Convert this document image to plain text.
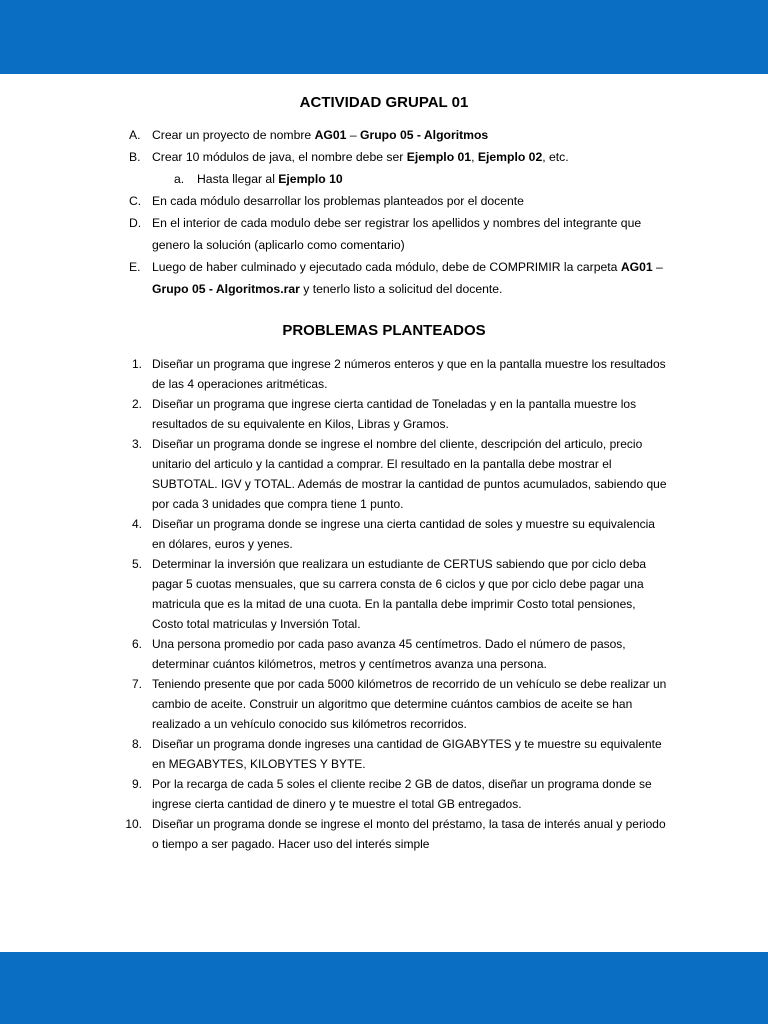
ACTIVIDAD GRUPAL 01
A. Crear un proyecto de nombre AG01 – Grupo 05 - Algoritmos
B. Crear 10 módulos de java, el nombre debe ser Ejemplo 01, Ejemplo 02, etc.
a. Hasta llegar al Ejemplo 10
C. En cada módulo desarrollar los problemas planteados por el docente
D. En el interior de cada modulo debe ser registrar los apellidos y nombres del integrante que genero la solución (aplicarlo como comentario)
E. Luego de haber culminado y ejecutado cada módulo, debe de COMPRIMIR la carpeta AG01 – Grupo 05 - Algoritmos.rar y tenerlo listo a solicitud del docente.
PROBLEMAS PLANTEADOS
1. Diseñar un programa que ingrese 2 números enteros y que en la pantalla muestre los resultados de las 4 operaciones aritméticas.
2. Diseñar un programa que ingrese cierta cantidad de Toneladas y en la pantalla muestre los resultados de su equivalente en Kilos, Libras y Gramos.
3. Diseñar un programa donde se ingrese el nombre del cliente, descripción del articulo, precio unitario del articulo y la cantidad a comprar. El resultado en la pantalla debe mostrar el SUBTOTAL. IGV y TOTAL. Además de mostrar la cantidad de puntos acumulados, sabiendo que por cada 3 unidades que compra tiene 1 punto.
4. Diseñar un programa donde se ingrese una cierta cantidad de soles y muestre su equivalencia en dólares, euros y yenes.
5. Determinar la inversión que realizara un estudiante de CERTUS sabiendo que por ciclo deba pagar 5 cuotas mensuales, que su carrera consta de 6 ciclos y que por ciclo debe pagar una matricula que es la mitad de una cuota. En la pantalla debe imprimir Costo total pensiones, Costo total matriculas y Inversión Total.
6. Una persona promedio por cada paso avanza 45 centímetros. Dado el número de pasos, determinar cuántos kilómetros, metros y centímetros avanza una persona.
7. Teniendo presente que por cada 5000 kilómetros de recorrido de un vehículo se debe realizar un cambio de aceite. Construir un algoritmo que determine cuántos cambios de aceite se han realizado a un vehículo conocido sus kilómetros recorridos.
8. Diseñar un programa donde ingreses una cantidad de GIGABYTES y te muestre su equivalente en MEGABYTES, KILOBYTES Y BYTE.
9. Por la recarga de cada 5 soles el cliente recibe 2 GB de datos, diseñar un programa donde se ingrese cierta cantidad de dinero y te muestre el total GB entregados.
10. Diseñar un programa donde se ingrese el monto del préstamo, la tasa de interés anual y periodo o tiempo a ser pagado. Hacer uso del interés simple
